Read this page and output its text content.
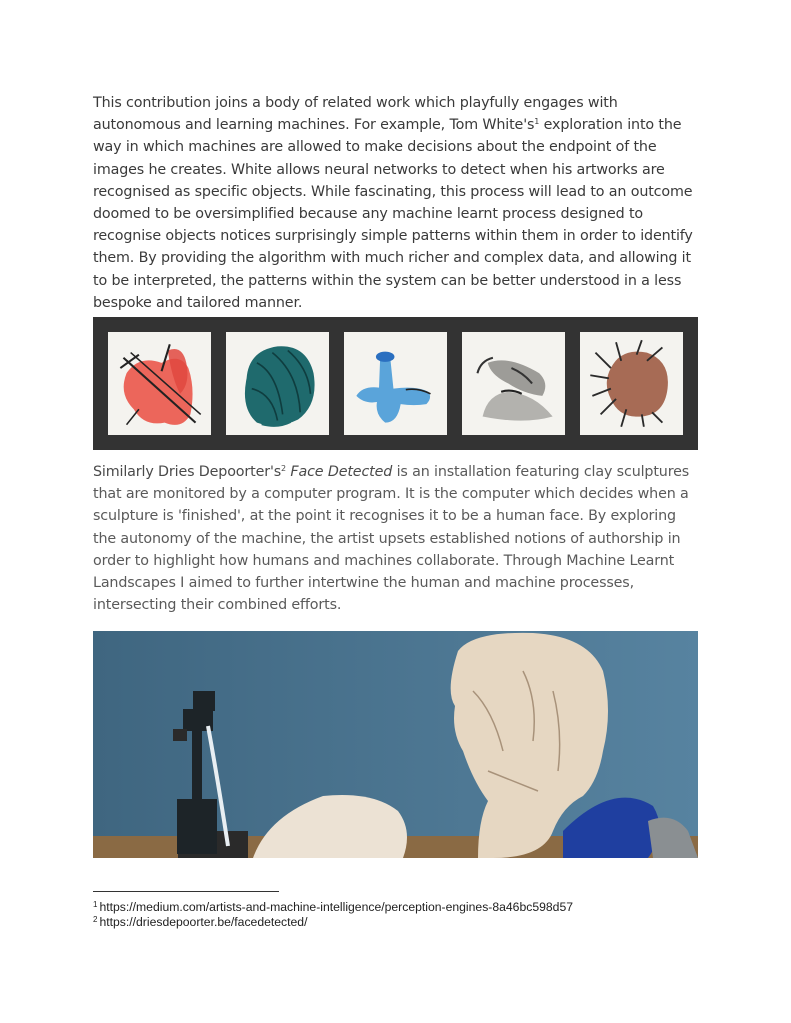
This contribution joins a body of related work which playfully engages with autonomous and learning machines. For example, Tom $White's^1$ exploration into the way in which machines are allowed to make decisions about the endpoint of the images he creates. White allows neural networks to detect when his artworks are recognised as specific objects. While fascinating, this process will lead to an outcome doomed to be oversimplified because any machine learnt process designed to recognise objects notices surprisingly simple patterns within them in order to identify them. By providing the algorithm with much richer and complex data, and allowing it to be interpreted, the patterns within the system can be better understood in a less bespoke and tailored manner.

Similarly Dries $Depoorter's^2$ Face Detected is an installation featuring clay sculptures that are monitored by a computer program. It is the computer which decides when a sculpture is 'finished', at the point it recognises it to be a human face. By exploring the autonomy of the machine, the artist upsets established notions of authorship in order to highlight how humans and machines collaborate. Through Machine Learnt Landscapes I aimed to further intertwine the human and machine processes, intersecting their combined efforts.

$^1$ https://medium.com/artists-and-machine-intelligence/perception-engines-8a46bc598d57
$^2$ https://driesdepoorter.be/facedetected/
